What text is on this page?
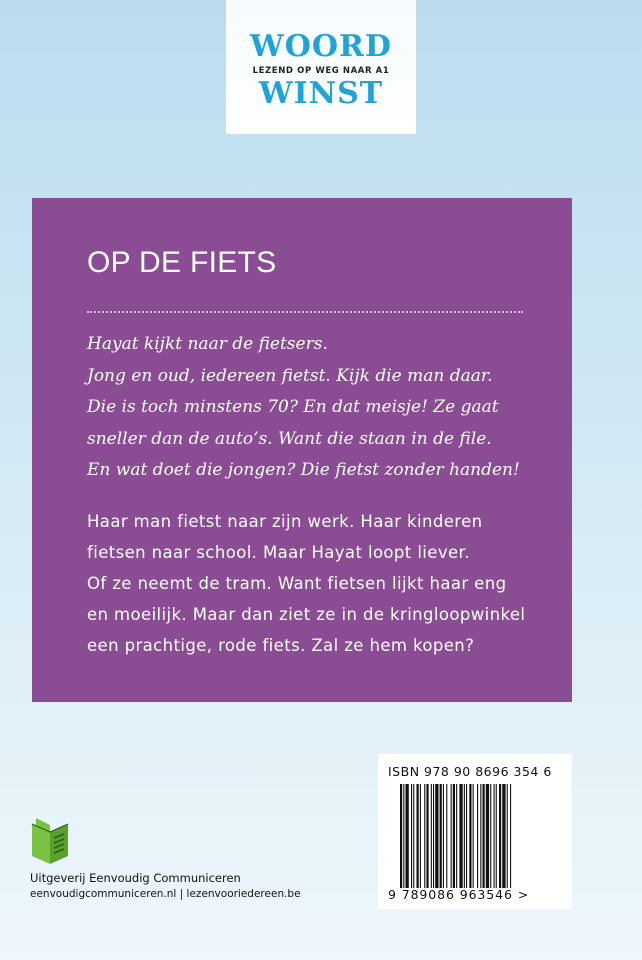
WOORD
LEZEND OP WEG NAAR A1
WINST
OP DE FIETS
Hayat kijkt naar de fietsers.
Jong en oud, iedereen fietst. Kijk die man daar.
Die is toch minstens 70? En dat meisje! Ze gaat
sneller dan de auto’s. Want die staan in de file.
En wat doet die jongen? Die fietst zonder handen!
Haar man fietst naar zijn werk. Haar kinderen
fietsen naar school. Maar Hayat loopt liever.
Of ze neemt de tram. Want fietsen lijkt haar eng
en moeilijk. Maar dan ziet ze in de kringloopwinkel
een prachtige, rode fiets. Zal ze hem kopen?
Uitgeverij Eenvoudig Communiceren
eenvoudigcommuniceren.nl | lezenvooriedereen.be
ISBN 978 90 8696 354 6
9 789086 963546 >
